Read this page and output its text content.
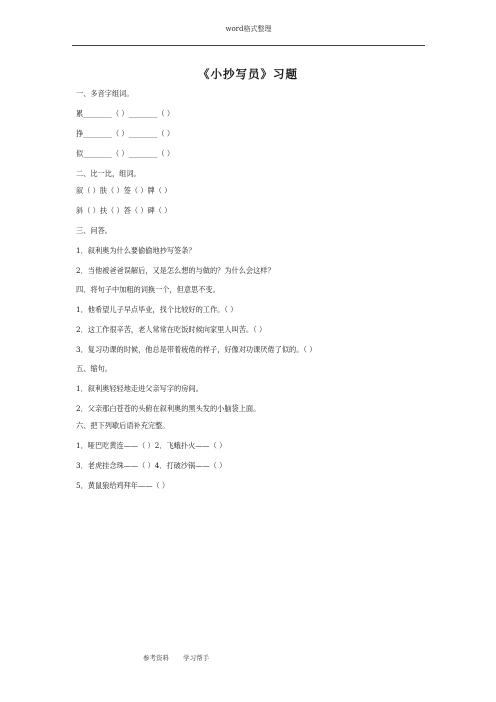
word格式整理
《小抄写员》习题
一、多音字组词。
累________（ ）________（ ）
挣________（ ）________（ ）
似________（ ）________（ ）
二、比一比，组词。
叙（ ）肤（ ）签（ ）牌（ ）
斜（ ）扶（ ）答（ ）碑（ ）
三、问答。
1．叙利奥为什么要偷偷地抄写签条？
2．当他被爸爸误解后，又是怎么想的与做的？为什么会这样？
四、将句子中加粗的词换一个，但意思不变。
1．他希望儿子早点毕业，找个比较好的工作。（ ）
2．这工作很辛苦，老人常常在吃饭时候向家里人叫苦。（ ）
3．复习功课的时候，他总是带着疲倦的样子，好像对功课厌倦了似的。（ ）
五、缩句。
1．叙利奥轻轻地走进父亲写字的房间。
2．父亲那白苍苍的头俯在叙利奥的黑头发的小脑袋上面。
六、把下列歇后语补充完整。
1．哑巴吃黄连——（ ）2．飞蛾扑火——（ ）
3．老虎挂念珠——（ ）4．打破沙锅——（ ）
5．黄鼠狼给鸡拜年——（ ）
参考资料 学习帮手
